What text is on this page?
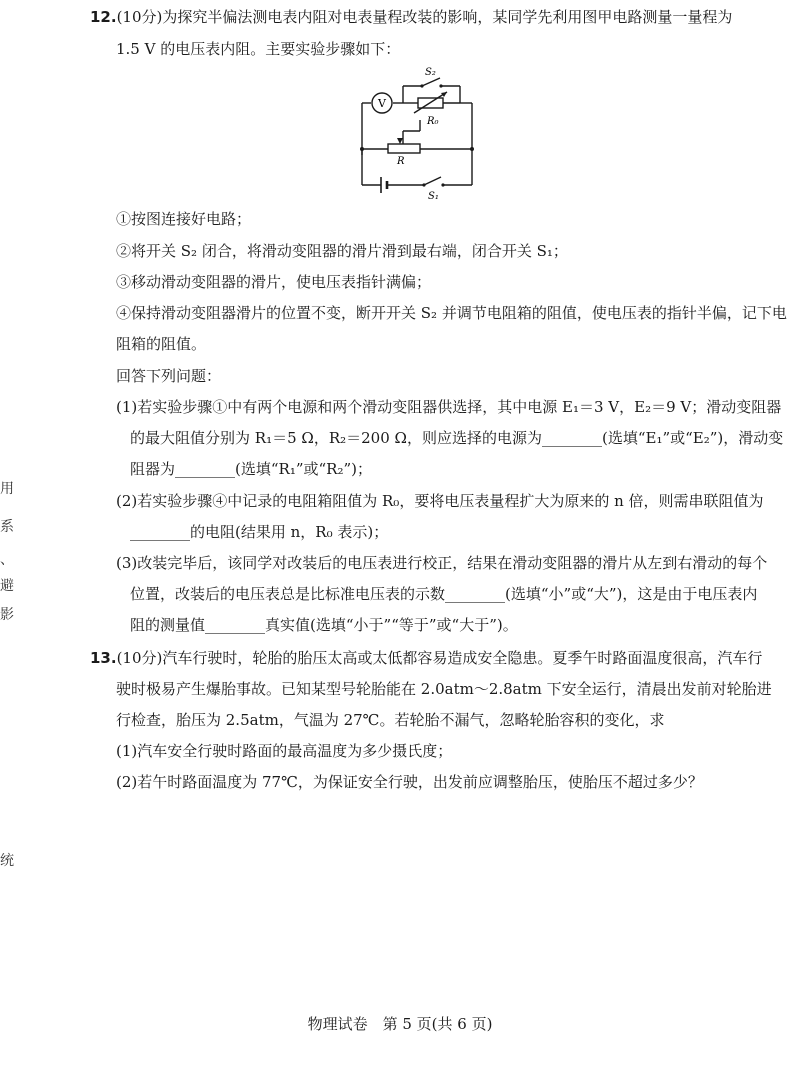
用
系
、
避
影
统
12.(10分)为探究半偏法测电表内阻对电表量程改装的影响，某同学先利用图甲电路测量一量程为
1.5 V 的电压表内阻。主要实验步骤如下：
V
S₂
R₀
R
S₁
①按图连接好电路；
②将开关 S₂ 闭合，将滑动变阻器的滑片滑到最右端，闭合开关 S₁；
③移动滑动变阻器的滑片，使电压表指针满偏；
④保持滑动变阻器滑片的位置不变，断开开关 S₂ 并调节电阻箱的阻值，使电压表的指针半偏，记下电
阻箱的阻值。
回答下列问题：
(1)若实验步骤①中有两个电源和两个滑动变阻器供选择，其中电源 E₁＝3 V，E₂＝9 V；滑动变阻器
的最大阻值分别为 R₁＝5 Ω，R₂＝200 Ω，则应选择的电源为________(选填“E₁”或“E₂”)，滑动变
阻器为________(选填“R₁”或“R₂”)；
(2)若实验步骤④中记录的电阻箱阻值为 R₀，要将电压表量程扩大为原来的 n 倍，则需串联阻值为
________的电阻(结果用 n，R₀ 表示)；
(3)改装完毕后，该同学对改装后的电压表进行校正，结果在滑动变阻器的滑片从左到右滑动的每个
位置，改装后的电压表总是比标准电压表的示数________(选填“小”或“大”)，这是由于电压表内
阻的测量值________真实值(选填“小于”“等于”或“大于”)。
13.(10分)汽车行驶时，轮胎的胎压太高或太低都容易造成安全隐患。夏季午时路面温度很高，汽车行
驶时极易产生爆胎事故。已知某型号轮胎能在 2.0atm～2.8atm 下安全运行，清晨出发前对轮胎进
行检查，胎压为 2.5atm，气温为 27℃。若轮胎不漏气，忽略轮胎容积的变化，求
(1)汽车安全行驶时路面的最高温度为多少摄氏度；
(2)若午时路面温度为 77℃，为保证安全行驶，出发前应调整胎压，使胎压不超过多少？
物理试卷　第 5 页(共 6 页)
